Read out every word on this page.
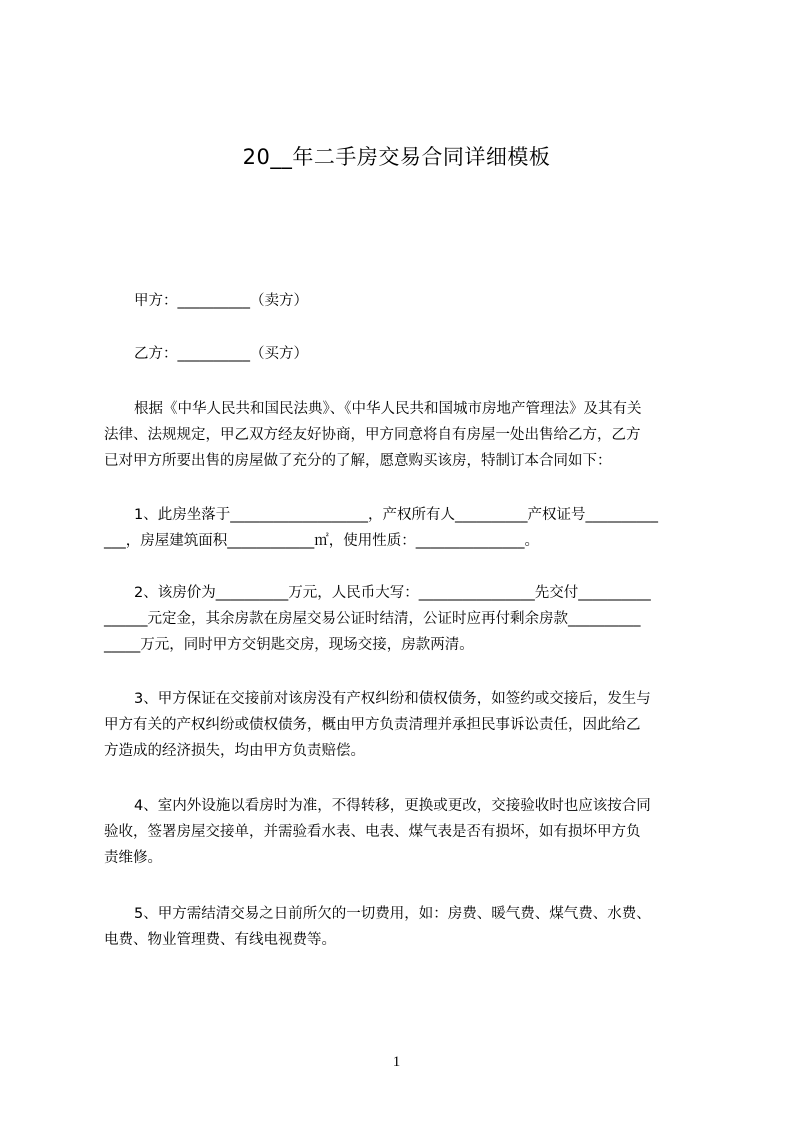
20__年二手房交易合同详细模板
甲方：__________（卖方）
乙方：__________（买方）
根据《中华人民共和国民法典》、《中华人民共和国城市房地产管理法》及其有关
法律、法规规定，甲乙双方经友好协商，甲方同意将自有房屋一处出售给乙方，乙方
已对甲方所要出售的房屋做了充分的了解，愿意购买该房，特制订本合同如下：
1、此房坐落于___________________，产权所有人__________产权证号__________
___，房屋建筑面积____________㎡，使用性质：_______________。
2、该房价为__________万元，人民币大写：________________先交付__________
______元定金，其余房款在房屋交易公证时结清，公证时应再付剩余房款__________
_____万元，同时甲方交钥匙交房，现场交接，房款两清。
3、甲方保证在交接前对该房没有产权纠纷和债权债务，如签约或交接后，发生与
甲方有关的产权纠纷或债权债务，概由甲方负责清理并承担民事诉讼责任，因此给乙
方造成的经济损失，均由甲方负责赔偿。
4、室内外设施以看房时为准，不得转移，更换或更改，交接验收时也应该按合同
验收，签署房屋交接单，并需验看水表、电表、煤气表是否有损坏，如有损坏甲方负
责维修。
5、甲方需结清交易之日前所欠的一切费用，如：房费、暖气费、煤气费、水费、
电费、物业管理费、有线电视费等。
1
